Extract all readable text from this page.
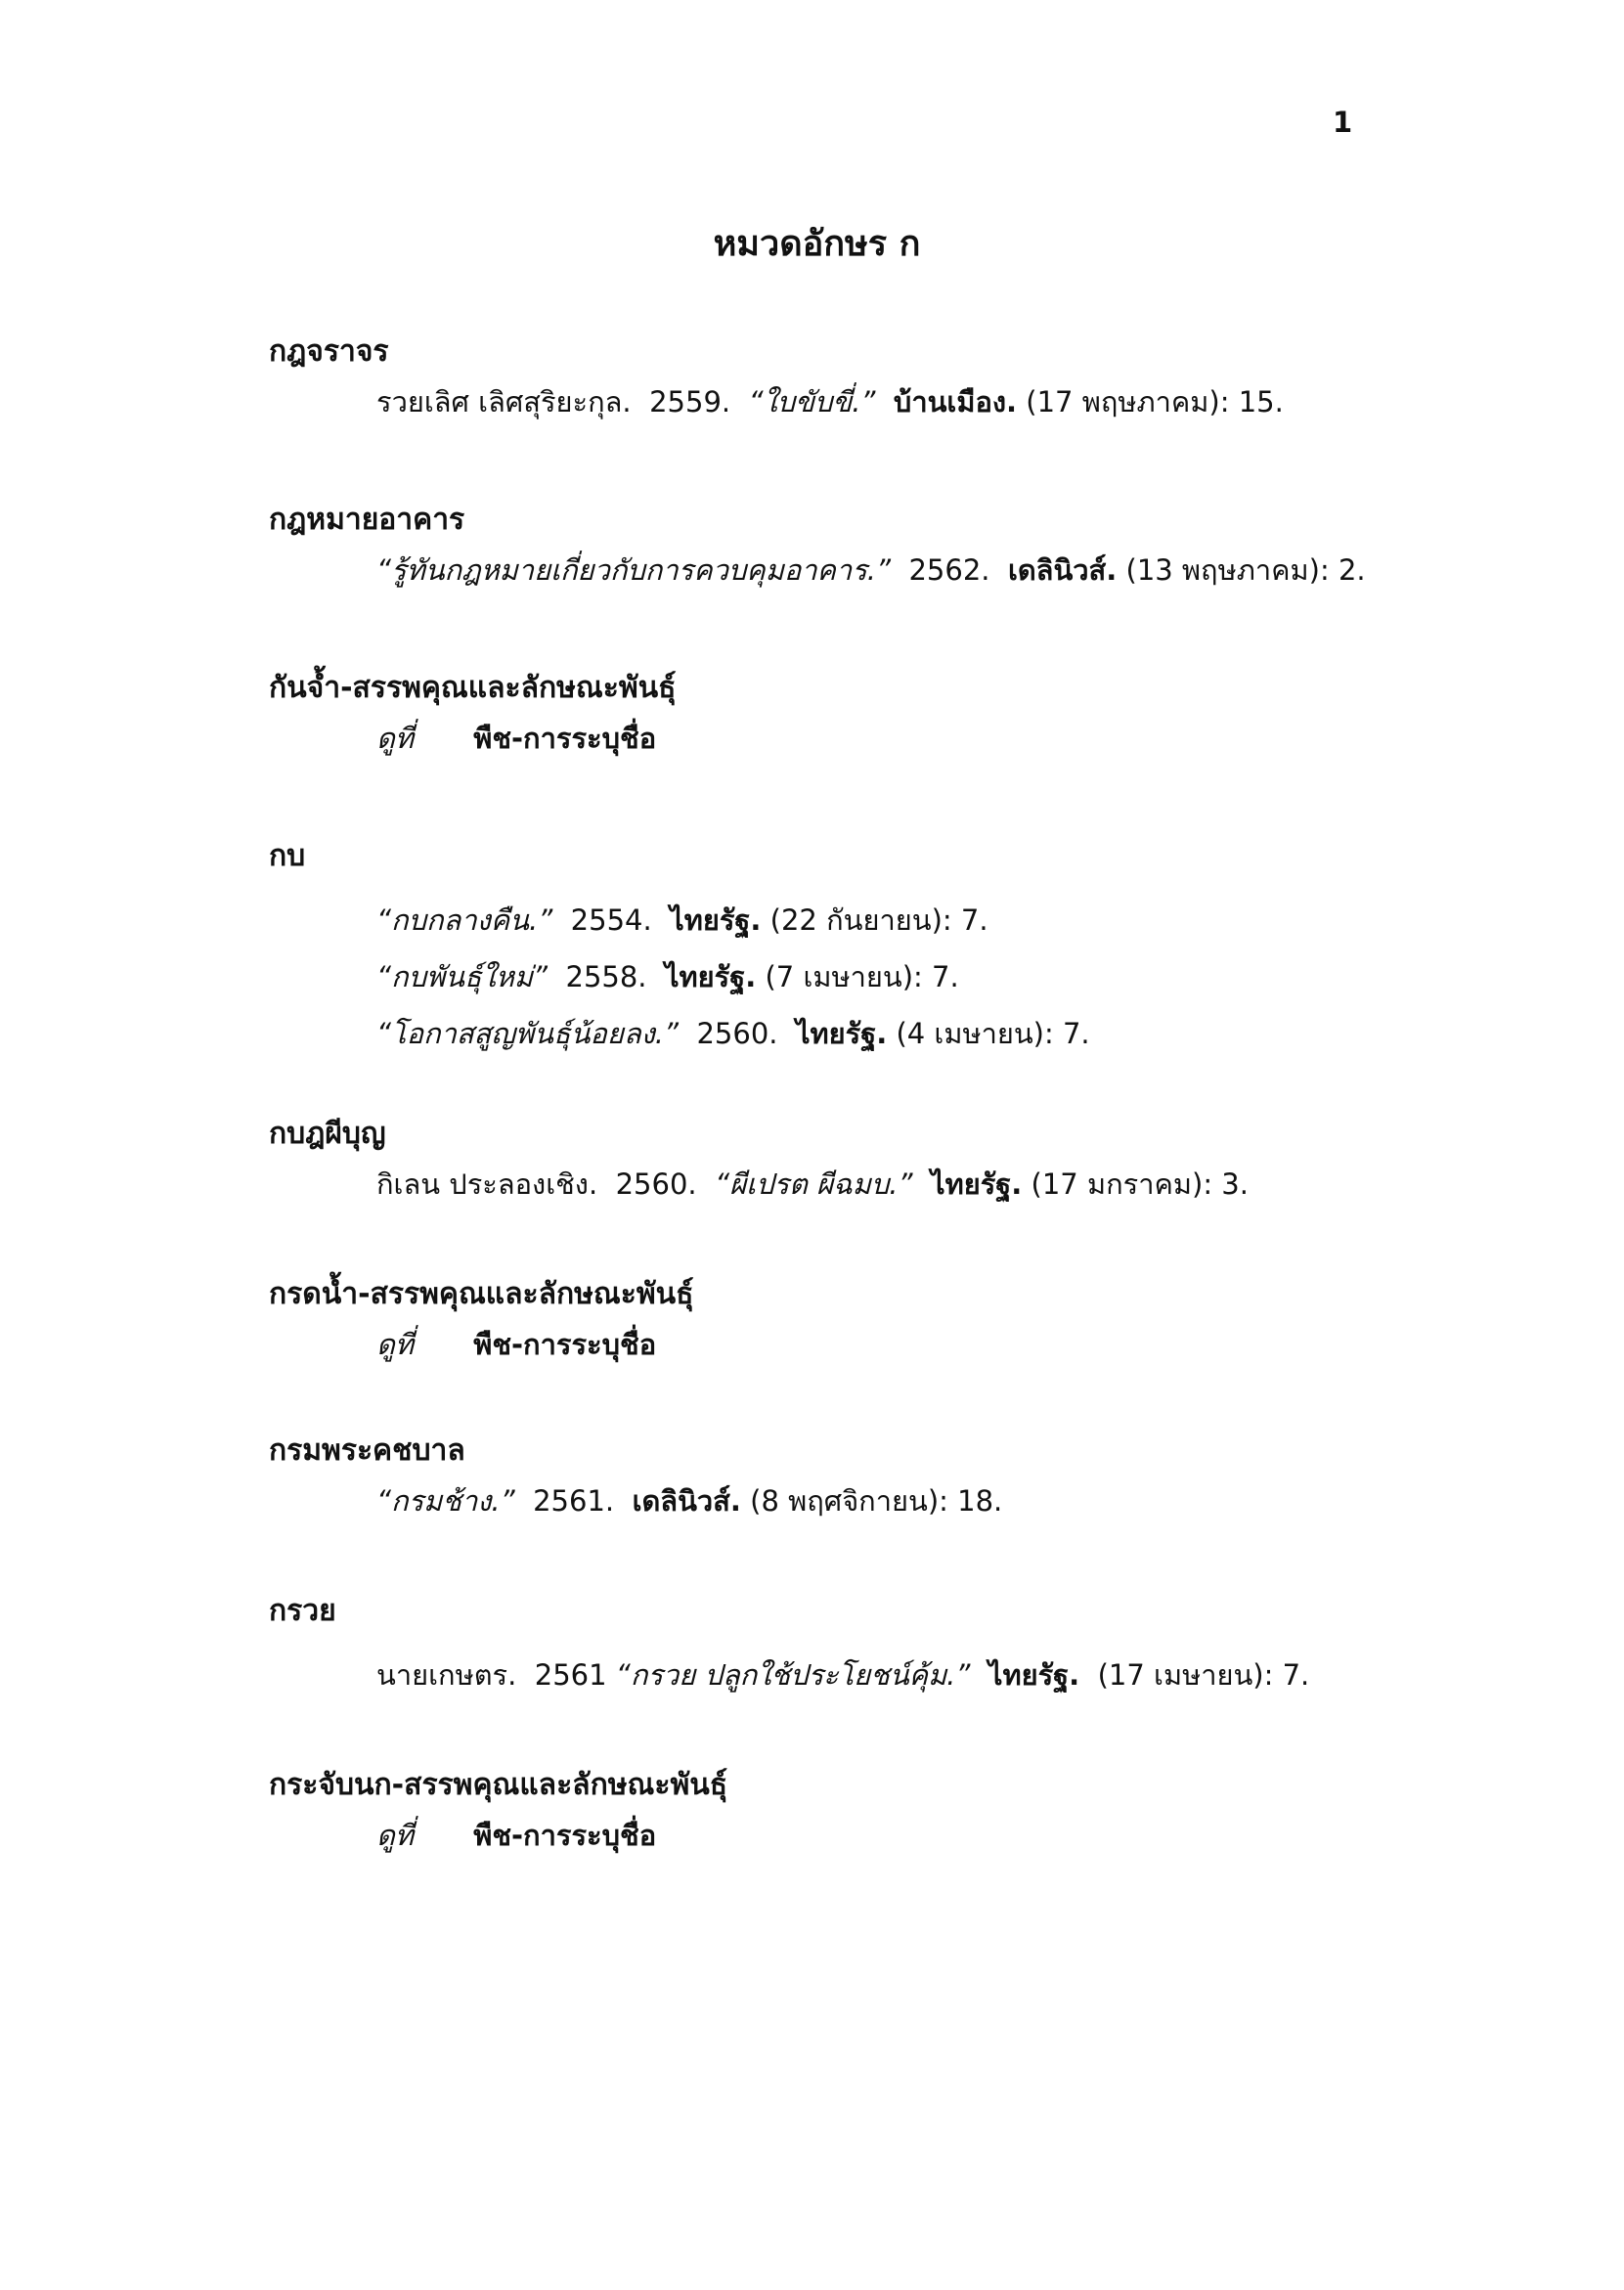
1
หมวดอักษร ก
กฎจราจร
รวยเลิศ เลิศสุริยะกุล. 2559. “ใบขับขี่.” บ้านเมือง. (17 พฤษภาคม): 15.
กฎหมายอาคาร
“รู้ทันกฎหมายเกี่ยวกับการควบคุมอาคาร.” 2562. เดลินิวส์. (13 พฤษภาคม): 2.
กันจ้ำ-สรรพคุณและลักษณะพันธุ์
ดูที่ พืช-การระบุชื่อ
กบ
“กบกลางคืน.” 2554. ไทยรัฐ. (22 กันยายน): 7.
“กบพันธุ์ใหม่” 2558. ไทยรัฐ. (7 เมษายน): 7.
“โอกาสสูญพันธุ์น้อยลง.” 2560. ไทยรัฐ. (4 เมษายน): 7.
กบฎผีบุญ
กิเลน ประลองเชิง. 2560. “ผีเปรต ผีฉมบ.” ไทยรัฐ. (17 มกราคม): 3.
กรดน้ำ-สรรพคุณและลักษณะพันธุ์
ดูที่ พืช-การระบุชื่อ
กรมพระคชบาล
“กรมช้าง.” 2561. เดลินิวส์. (8 พฤศจิกายน): 18.
กรวย
นายเกษตร. 2561 “กรวย ปลูกใช้ประโยชน์คุ้ม.” ไทยรัฐ. (17 เมษายน): 7.
กระจับนก-สรรพคุณและลักษณะพันธุ์
ดูที่ พืช-การระบุชื่อ
